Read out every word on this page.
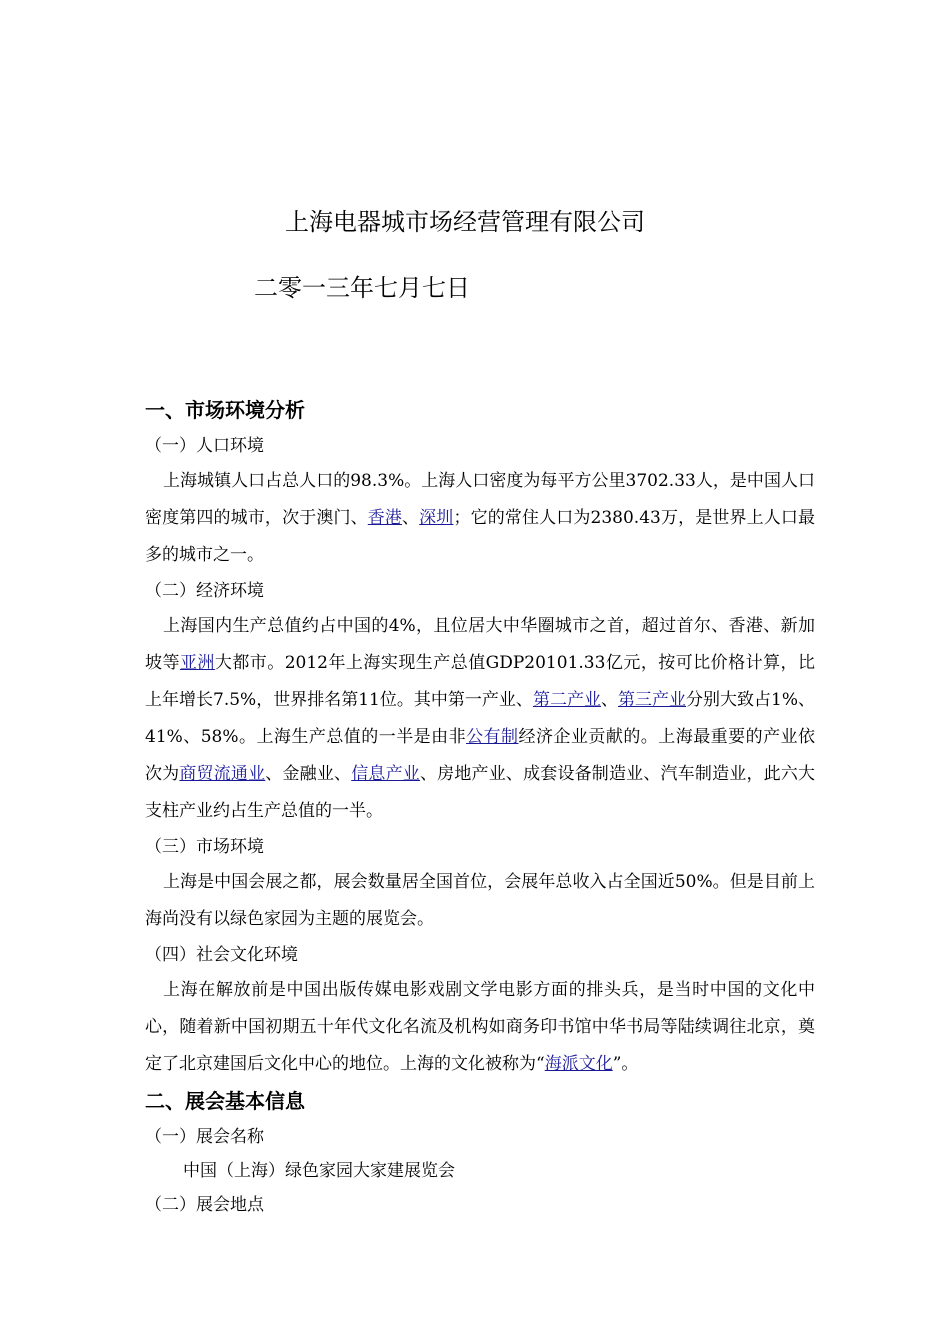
上海电器城市场经营管理有限公司
二零一三年七月七日
一、市场环境分析
（一）人口环境
上海城镇人口占总人口的98.3%。上海人口密度为每平方公里3702.33人，是中国人口密度第四的城市，次于澳门、香港、深圳；它的常住人口为2380.43万，是世界上人口最多的城市之一。
（二）经济环境
上海国内生产总值约占中国的4%，且位居大中华圈城市之首，超过首尔、香港、新加坡等亚洲大都市。2012年上海实现生产总值GDP20101.33亿元，按可比价格计算，比上年增长7.5%，世界排名第11位。其中第一产业、第二产业、第三产业分别大致占1%、41%、58%。上海生产总值的一半是由非公有制经济企业贡献的。上海最重要的产业依次为商贸流通业、金融业、信息产业、房地产业、成套设备制造业、汽车制造业，此六大支柱产业约占生产总值的一半。
（三）市场环境
上海是中国会展之都，展会数量居全国首位，会展年总收入占全国近50%。但是目前上海尚没有以绿色家园为主题的展览会。
（四）社会文化环境
上海在解放前是中国出版传媒电影戏剧文学电影方面的排头兵，是当时中国的文化中心，随着新中国初期五十年代文化名流及机构如商务印书馆中华书局等陆续调往北京，奠定了北京建国后文化中心的地位。上海的文化被称为“海派文化”。
二、展会基本信息
（一）展会名称
中国（上海）绿色家园大家建展览会
（二）展会地点
